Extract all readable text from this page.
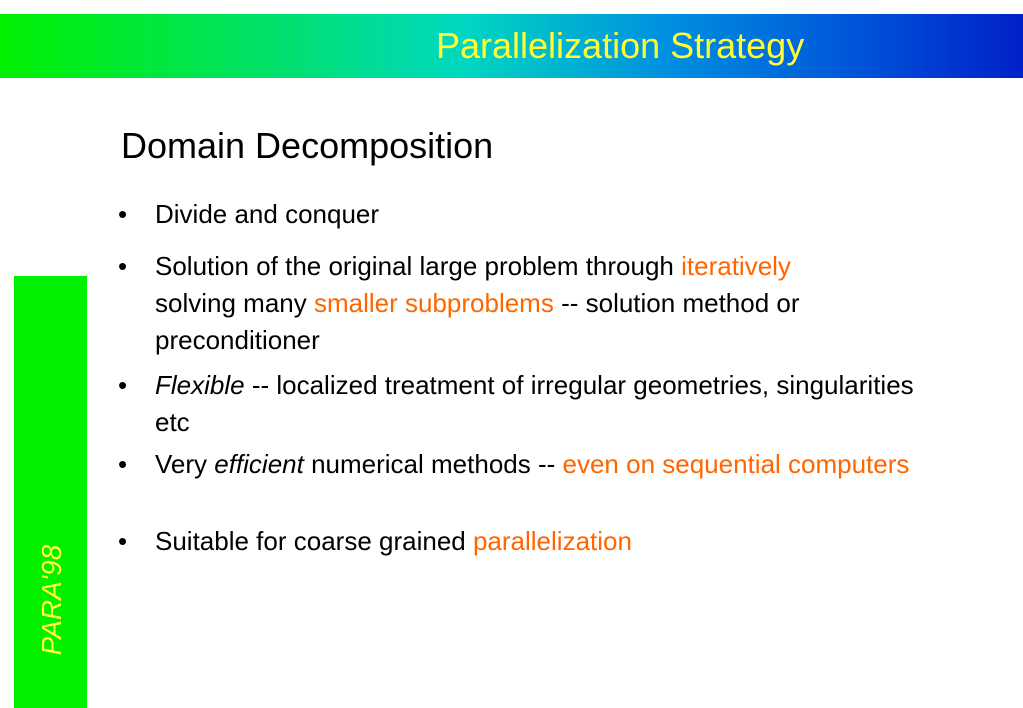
Parallelization Strategy
PARA'98
Domain Decomposition
• Divide and conquer
• Solution of the original large problem through iteratively
solving many smaller subproblems -- solution method or preconditioner
• Flexible -- localized treatment of irregular geometries, singularities etc
• Very efficient numerical methods -- even on sequential computers
• Suitable for coarse grained parallelization
